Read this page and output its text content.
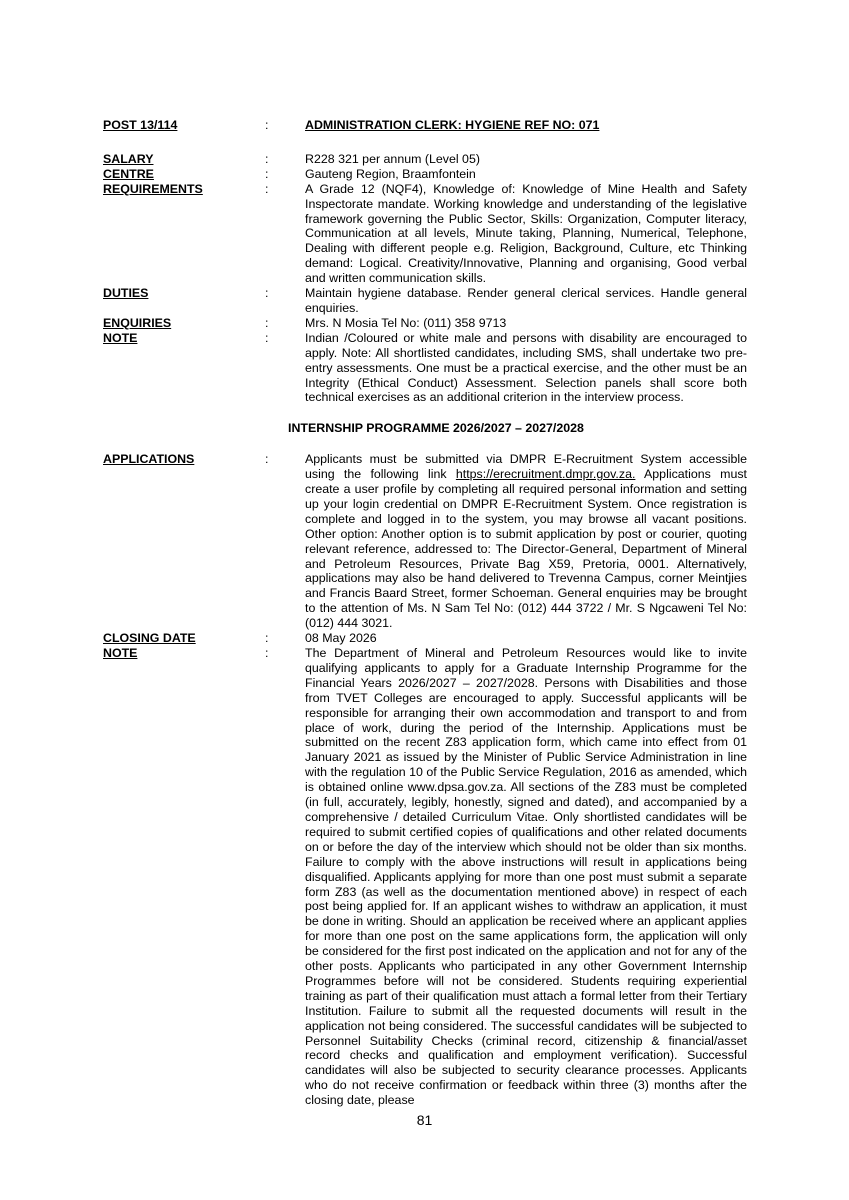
POST 13/114	:	ADMINISTRATION CLERK: HYGIENE REF NO: 071
SALARY	:	R228 321 per annum (Level 05)
CENTRE	:	Gauteng Region, Braamfontein
REQUIREMENTS	:	A Grade 12 (NQF4), Knowledge of: Knowledge of Mine Health and Safety Inspectorate mandate. Working knowledge and understanding of the legislative framework governing the Public Sector, Skills: Organization, Computer literacy, Communication at all levels, Minute taking, Planning, Numerical, Telephone, Dealing with different people e.g. Religion, Background, Culture, etc Thinking demand: Logical. Creativity/Innovative, Planning and organising, Good verbal and written communication skills.
DUTIES	:	Maintain hygiene database. Render general clerical services. Handle general enquiries.
ENQUIRIES	:	Mrs. N Mosia Tel No: (011) 358 9713
NOTE	:	Indian /Coloured or white male and persons with disability are encouraged to apply. Note: All shortlisted candidates, including SMS, shall undertake two pre-entry assessments. One must be a practical exercise, and the other must be an Integrity (Ethical Conduct) Assessment. Selection panels shall score both technical exercises as an additional criterion in the interview process.
INTERNSHIP PROGRAMME 2026/2027 – 2027/2028
APPLICATIONS	:	Applicants must be submitted via DMPR E-Recruitment System accessible using the following link https://erecruitment.dmpr.gov.za. Applications must create a user profile by completing all required personal information and setting up your login credential on DMPR E-Recruitment System. Once registration is complete and logged in to the system, you may browse all vacant positions. Other option: Another option is to submit application by post or courier, quoting relevant reference, addressed to: The Director-General, Department of Mineral and Petroleum Resources, Private Bag X59, Pretoria, 0001. Alternatively, applications may also be hand delivered to Trevenna Campus, corner Meintjies and Francis Baard Street, former Schoeman. General enquiries may be brought to the attention of Ms. N Sam Tel No: (012) 444 3722 / Mr. S Ngcaweni Tel No: (012) 444 3021.
CLOSING DATE	:	08 May 2026
NOTE	:	The Department of Mineral and Petroleum Resources would like to invite qualifying applicants to apply for a Graduate Internship Programme for the Financial Years 2026/2027 – 2027/2028. Persons with Disabilities and those from TVET Colleges are encouraged to apply. Successful applicants will be responsible for arranging their own accommodation and transport to and from place of work, during the period of the Internship. Applications must be submitted on the recent Z83 application form, which came into effect from 01 January 2021 as issued by the Minister of Public Service Administration in line with the regulation 10 of the Public Service Regulation, 2016 as amended, which is obtained online www.dpsa.gov.za. All sections of the Z83 must be completed (in full, accurately, legibly, honestly, signed and dated), and accompanied by a comprehensive / detailed Curriculum Vitae. Only shortlisted candidates will be required to submit certified copies of qualifications and other related documents on or before the day of the interview which should not be older than six months. Failure to comply with the above instructions will result in applications being disqualified. Applicants applying for more than one post must submit a separate form Z83 (as well as the documentation mentioned above) in respect of each post being applied for. If an applicant wishes to withdraw an application, it must be done in writing. Should an application be received where an applicant applies for more than one post on the same applications form, the application will only be considered for the first post indicated on the application and not for any of the other posts. Applicants who participated in any other Government Internship Programmes before will not be considered. Students requiring experiential training as part of their qualification must attach a formal letter from their Tertiary Institution. Failure to submit all the requested documents will result in the application not being considered. The successful candidates will be subjected to Personnel Suitability Checks (criminal record, citizenship & financial/asset record checks and qualification and employment verification). Successful candidates will also be subjected to security clearance processes. Applicants who do not receive confirmation or feedback within three (3) months after the closing date, please
81
